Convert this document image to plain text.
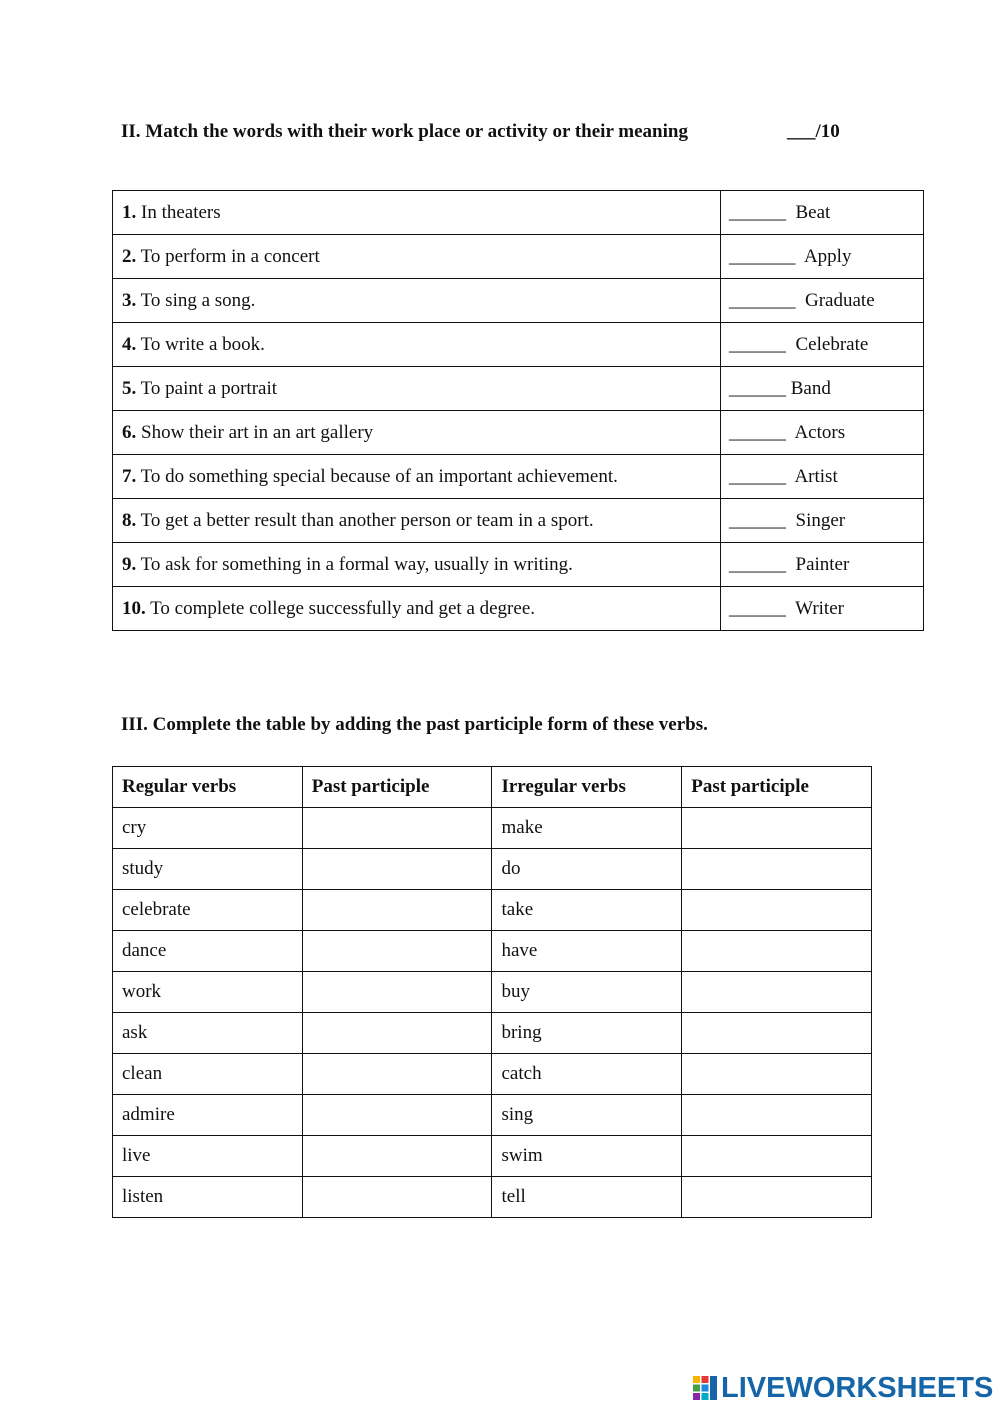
II. Match the words with their work place or activity or their meaning	___/10
1. In theaters	______  Beat
2. To perform in a concert	_______  Apply
3. To sing a song.	_______  Graduate
4. To write a book.	______  Celebrate
5. To paint a portrait	______ Band
6. Show their art in an art gallery	______  Actors
7. To do something special because of an important achievement.	______  Artist
8. To get a better result than another person or team in a sport.	______  Singer
9. To ask for something in a formal way, usually in writing.	______  Painter
10. To complete college successfully and get a degree.	______  Writer
III. Complete the table by adding the past participle form of these verbs.
Regular verbs	Past participle	Irregular verbs	Past participle
cry		make	
study		do	
celebrate		take	
dance		have	
work		buy	
ask		bring	
clean		catch	
admire		sing	
live		swim	
listen		tell	
LIVEWORKSHEETS
